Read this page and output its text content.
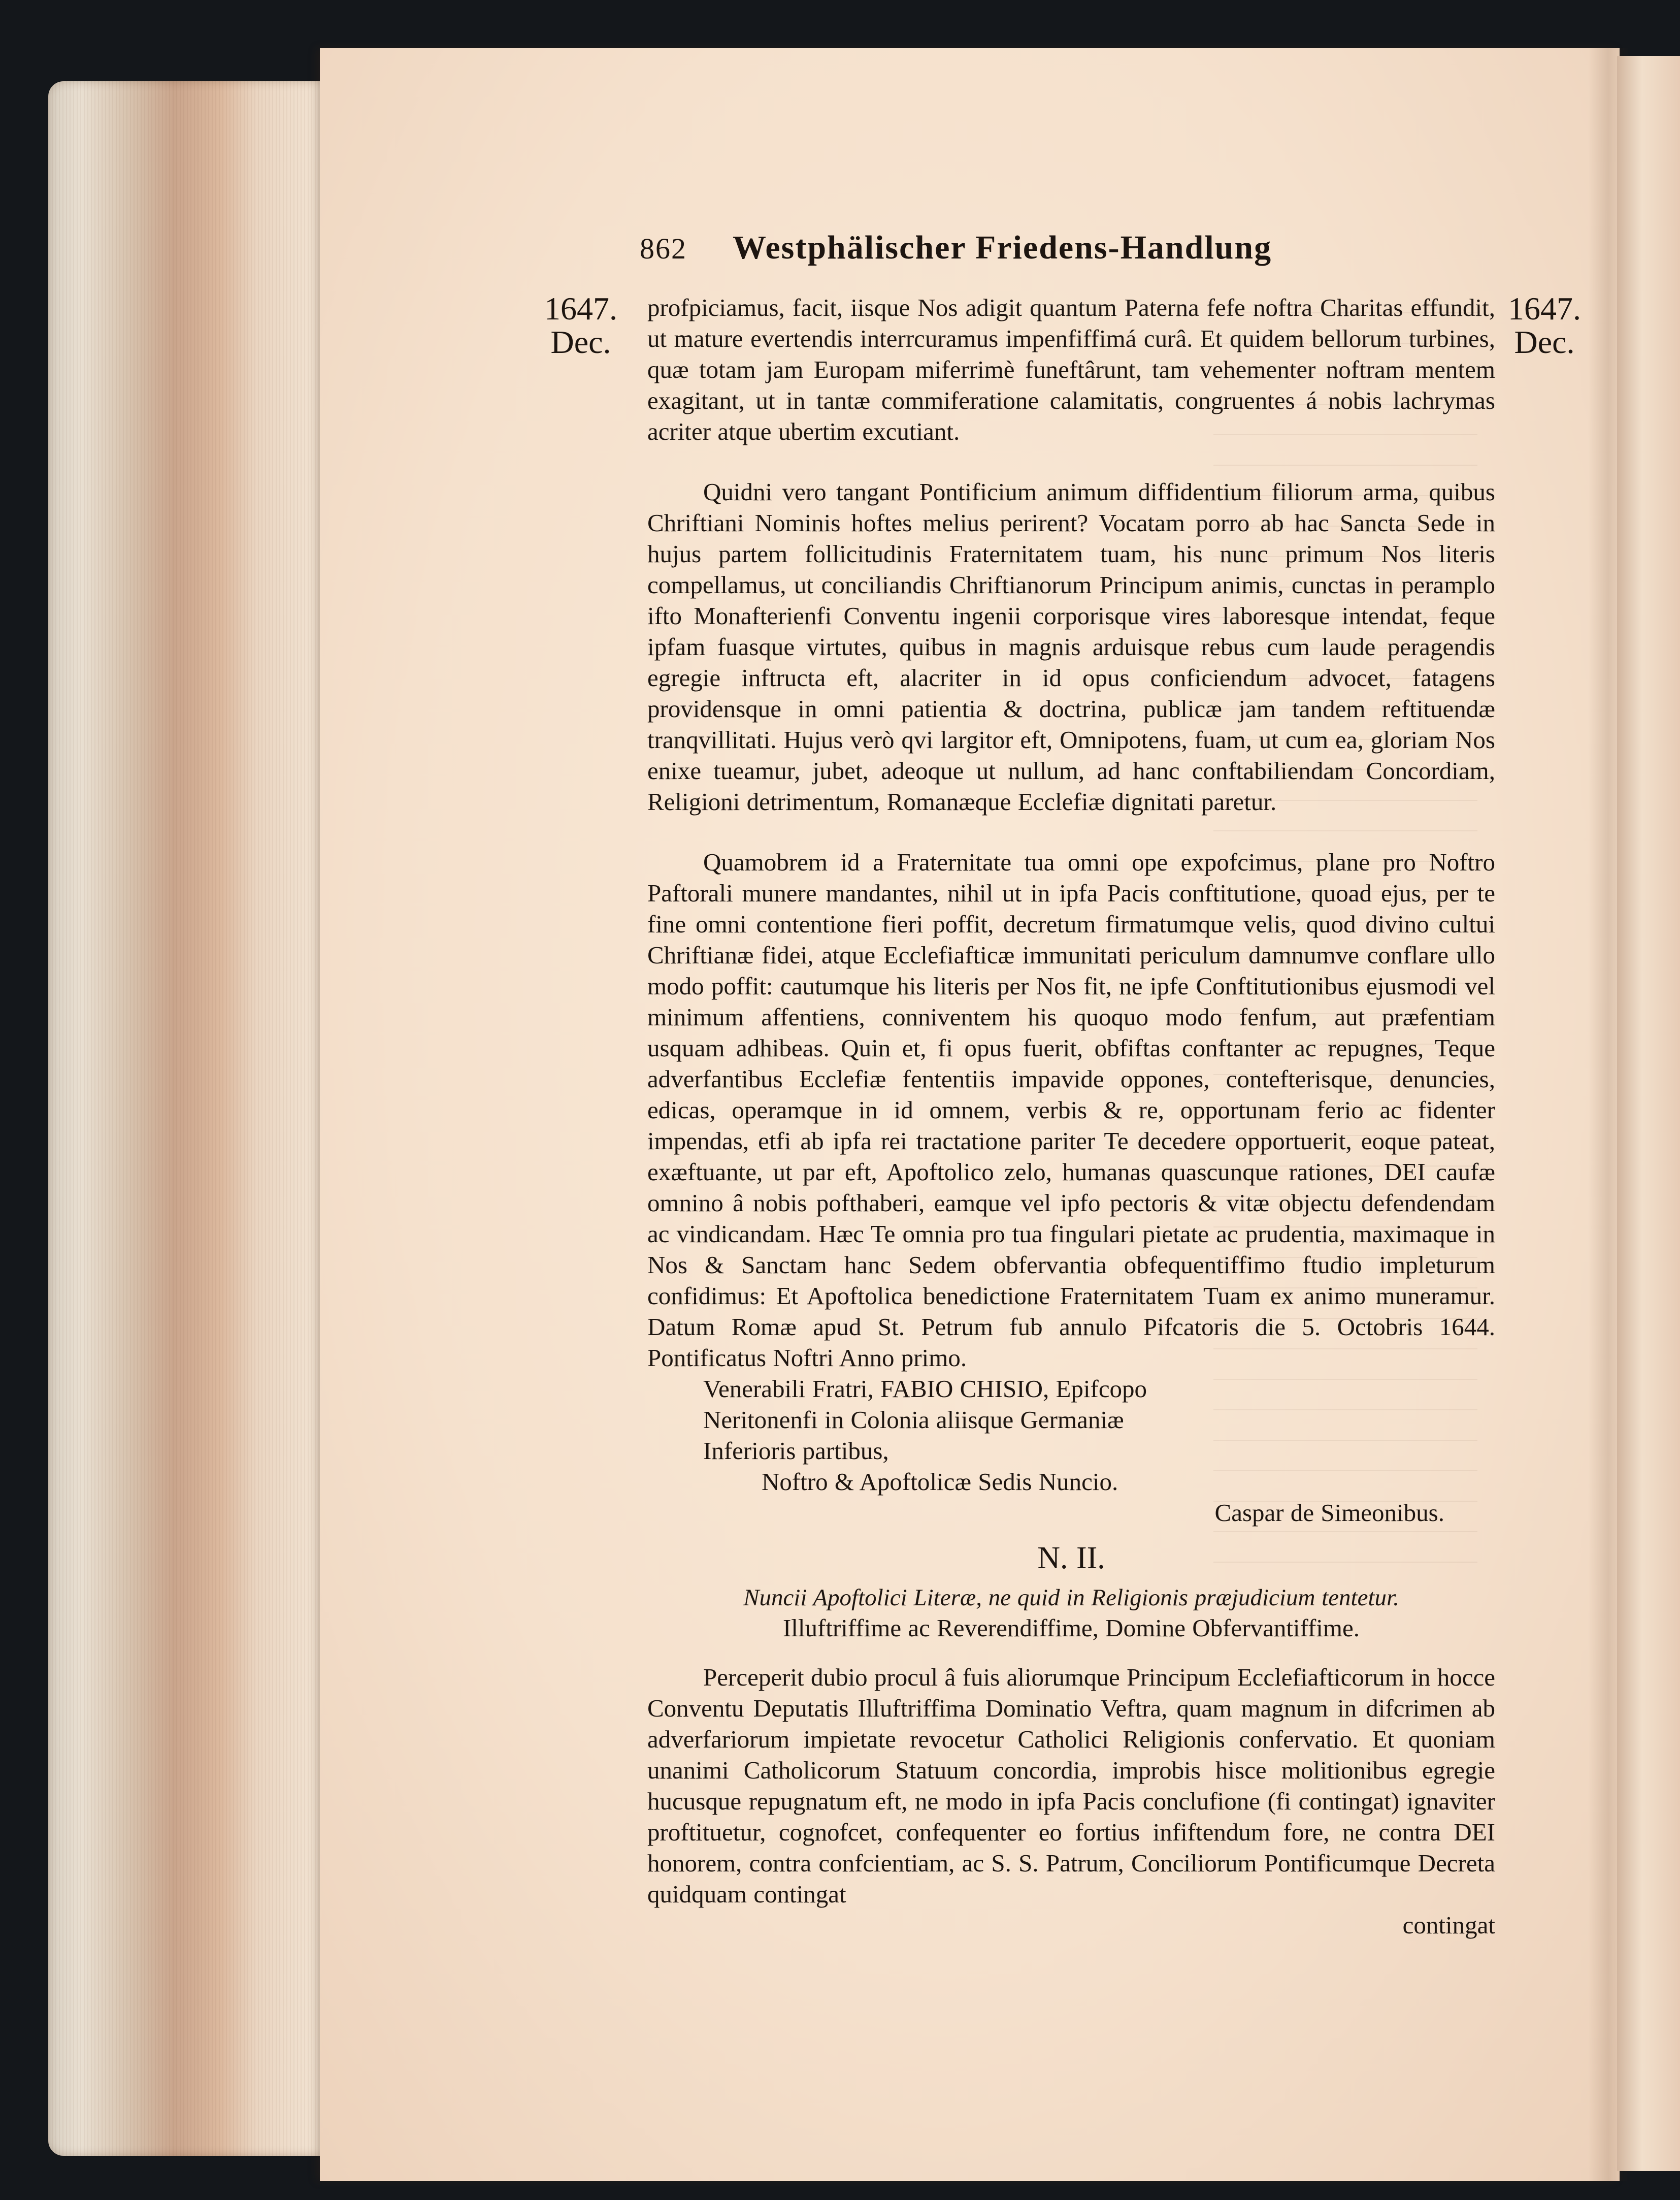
862 Westphälischer Friedens-Handlung
1647.
Dec.
1647.
Dec.

profpiciamus, facit, iisque Nos adigit quantum Paterna fefe noftra Charitas effundit, ut mature evertendis interrcuramus impenfiffimá curâ. Et quidem bellorum turbines, quæ totam jam Europam miferrimè funeftârunt, tam vehementer noftram mentem exagitant, ut in tantæ commiferatione calamitatis, congruentes á nobis lachrymas acriter atque ubertim excutiant.

Quidni vero tangant Pontificium animum diffidentium filiorum arma, quibus Chriftiani Nominis hoftes melius perirent? Vocatam porro ab hac Sancta Sede in hujus partem follicitudinis Fraternitatem tuam, his nunc primum Nos literis compellamus, ut conciliandis Chriftianorum Principum animis, cunctas in peramplo ifto Monafterienfi Conventu ingenii corporisque vires laboresque intendat, feque ipfam fuasque virtutes, quibus in magnis arduisque rebus cum laude peragendis egregie inftructa eft, alacriter in id opus conficiendum advocet, fatagens providensque in omni patientia & doctrina, publicæ jam tandem reftituendæ tranqvillitati. Hujus verò qvi largitor eft, Omnipotens, fuam, ut cum ea, gloriam Nos enixe tueamur, jubet, adeoque ut nullum, ad hanc conftabiliendam Concordiam, Religioni detrimentum, Romanæque Ecclefiæ dignitati paretur.

Quamobrem id a Fraternitate tua omni ope expofcimus, plane pro Noftro Paftorali munere mandantes, nihil ut in ipfa Pacis conftitutione, quoad ejus, per te fine omni contentione fieri poffit, decretum firmatumque velis, quod divino cultui Chriftianæ fidei, atque Ecclefiafticæ immunitati periculum damnumve conflare ullo modo poffit: cautumque his literis per Nos fit, ne ipfe Conftitutionibus ejusmodi vel minimum affentiens, conniventem his quoquo modo fenfum, aut præfentiam usquam adhibeas. Quin et, fi opus fuerit, obfiftas conftanter ac repugnes, Teque adverfantibus Ecclefiæ fententiis impavide oppones, contefterisque, denuncies, edicas, operamque in id omnem, verbis & re, opportunam ferio ac fidenter impendas, etfi ab ipfa rei tractatione pariter Te decedere opportuerit, eoque pateat, exæftuante, ut par eft, Apoftolico zelo, humanas quascunque rationes, DEI caufæ omnino â nobis pofthaberi, eamque vel ipfo pectoris & vitæ objectu defendendam ac vindicandam. Hæc Te omnia pro tua fingulari pietate ac prudentia, maximaque in Nos & Sanctam hanc Sedem obfervantia obfequentiffimo ftudio impleturum confidimus: Et Apoftolica benedictione Fraternitatem Tuam ex animo muneramur. Datum Romæ apud St. Petrum fub annulo Pifcatoris die 5. Octobris 1644. Pontificatus Noftri Anno primo.

Venerabili Fratri, FABIO CHISIO, Epifcopo Neritonenfi in Colonia aliisque Germaniæ Inferioris partibus,
Noftro & Apoftolicæ Sedis Nuncio.
Caspar de Simeonibus.
N. II.
Nuncii Apoftolici Literæ, ne quid in Religionis præjudicium tentetur.
Illuftriffime ac Reverendiffime, Domine Obfervantiffime.

Perceperit dubio procul â fuis aliorumque Principum Ecclefiafticorum in hocce Conventu Deputatis Illuftriffima Dominatio Veftra, quam magnum in difcrimen ab adverfariorum impietate revocetur Catholici Religionis confervatio. Et quoniam unanimi Catholicorum Statuum concordia, improbis hisce molitionibus egregie hucusque repugnatum eft, ne modo in ipfa Pacis conclufione (fi contingat) ignaviter proftituetur, cognofcet, confequenter eo fortius infiftendum fore, ne contra DEI honorem, contra confcientiam, ac S. S. Patrum, Conciliorum Pontificumque Decreta quidquam contingat

contingat
